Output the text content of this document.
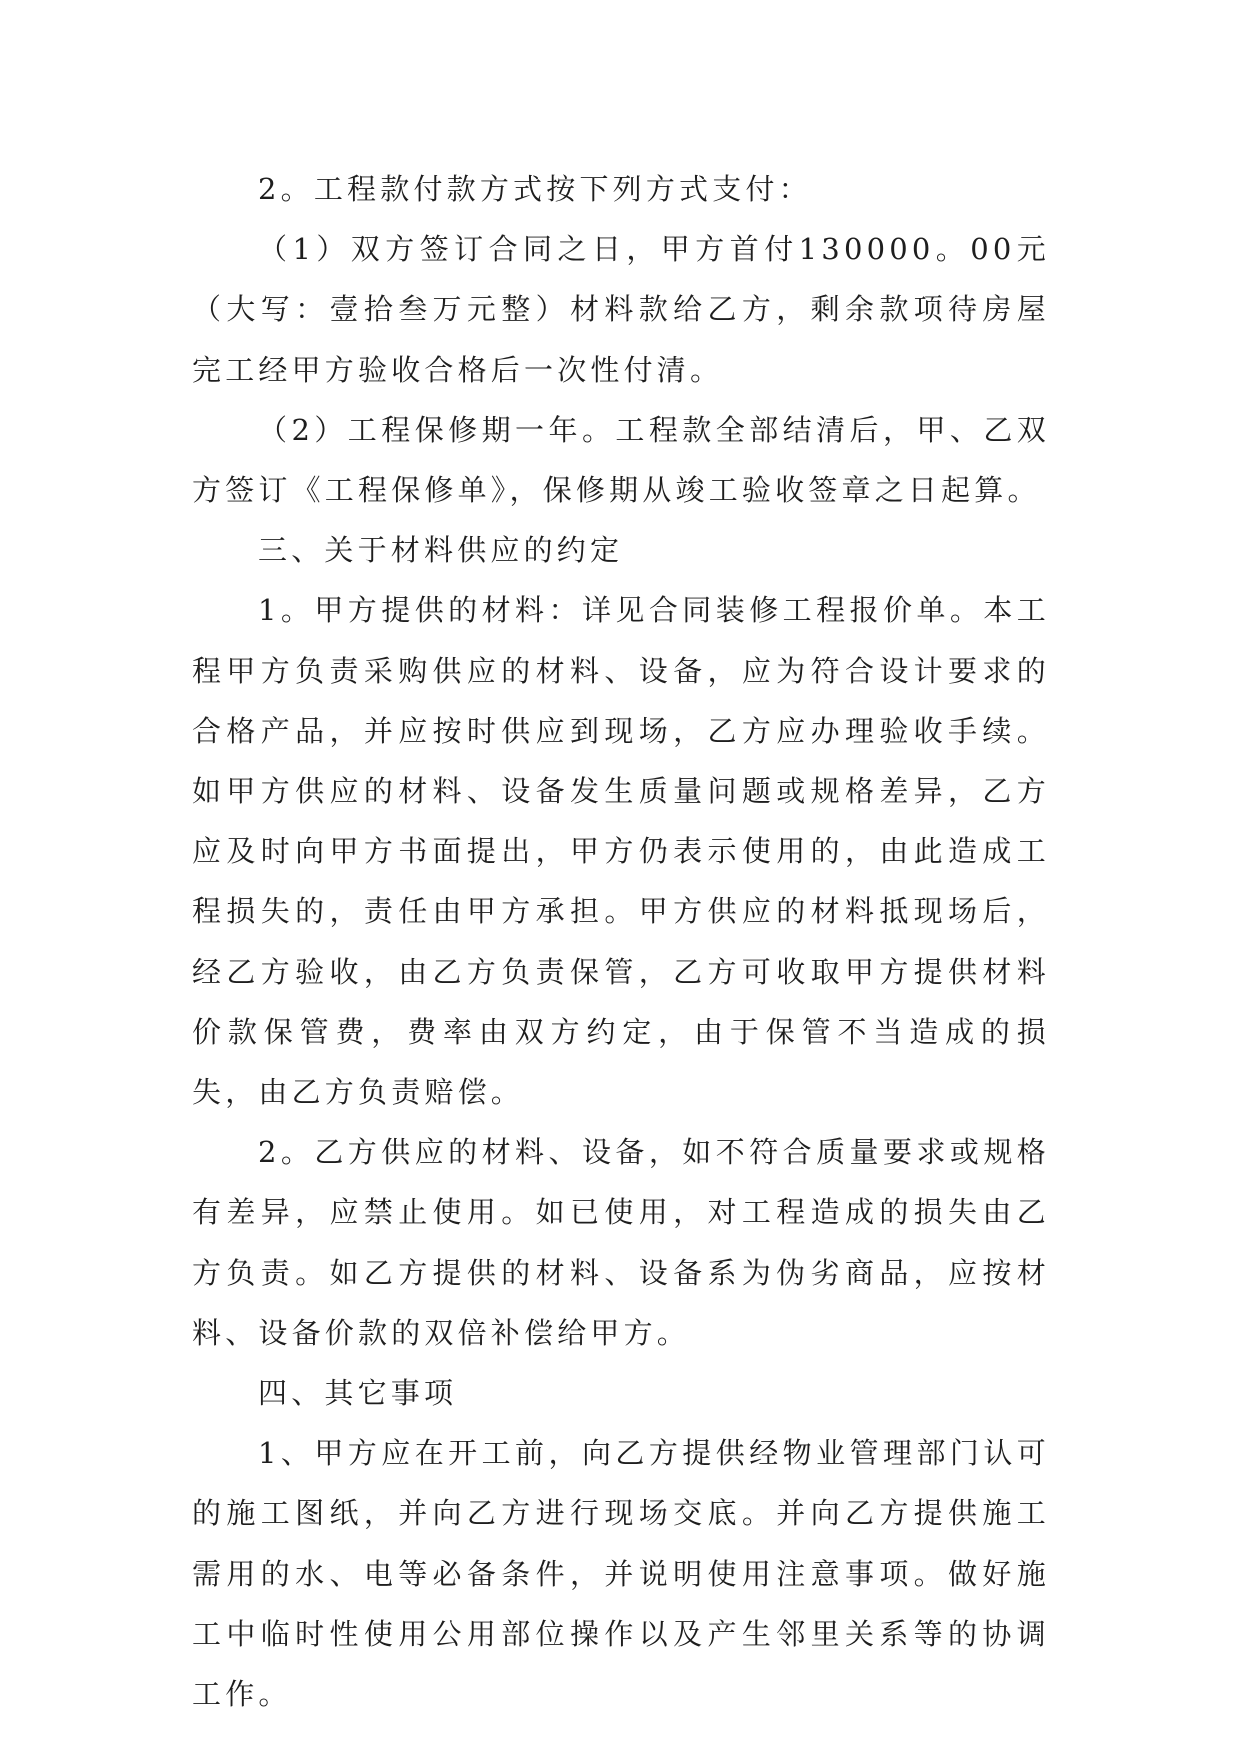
2。工程款付款方式按下列方式支付：

（1）双方签订合同之日，甲方首付130000。00元（大写：壹拾叁万元整）材料款给乙方，剩余款项待房屋完工经甲方验收合格后一次性付清。

（2）工程保修期一年。工程款全部结清后，甲、乙双方签订《工程保修单》，保修期从竣工验收签章之日起算。

三、关于材料供应的约定

1。甲方提供的材料：详见合同装修工程报价单。本工程甲方负责采购供应的材料、设备，应为符合设计要求的合格产品，并应按时供应到现场，乙方应办理验收手续。如甲方供应的材料、设备发生质量问题或规格差异，乙方应及时向甲方书面提出，甲方仍表示使用的，由此造成工程损失的，责任由甲方承担。甲方供应的材料抵现场后，经乙方验收，由乙方负责保管，乙方可收取甲方提供材料价款保管费，费率由双方约定，由于保管不当造成的损失，由乙方负责赔偿。

2。乙方供应的材料、设备，如不符合质量要求或规格有差异，应禁止使用。如已使用，对工程造成的损失由乙方负责。如乙方提供的材料、设备系为伪劣商品，应按材料、设备价款的双倍补偿给甲方。

四、其它事项

1、甲方应在开工前，向乙方提供经物业管理部门认可的施工图纸，并向乙方进行现场交底。并向乙方提供施工需用的水、电等必备条件，并说明使用注意事项。做好施工中临时性使用公用部位操作以及产生邻里关系等的协调工作。
